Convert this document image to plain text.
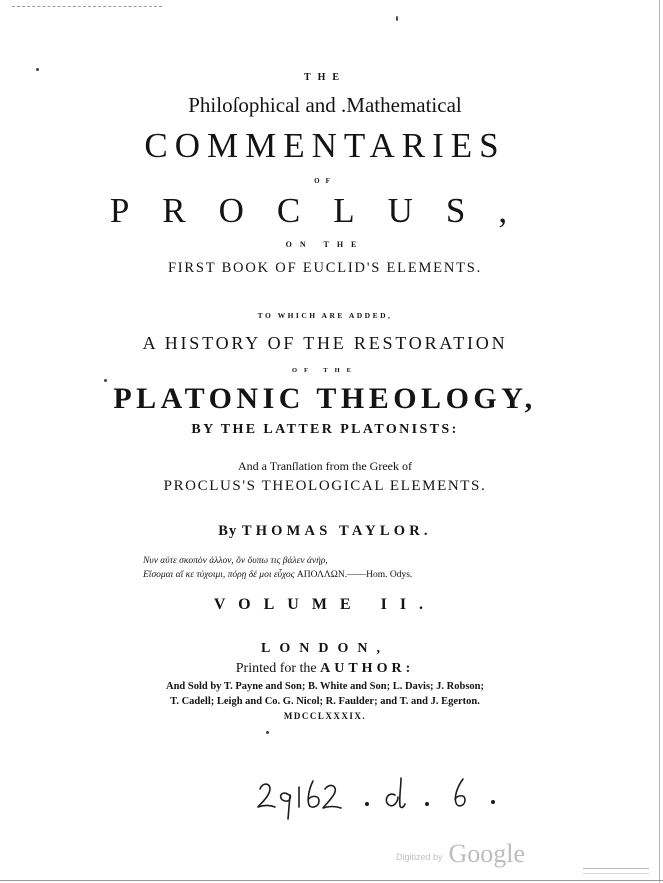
THE
Philoſophical and .Mathematical
COMMENTARIES
OF
PROCLUS,
ON THE
FIRST BOOK OF EUCLID'S ELEMENTS.
TO WHICH ARE ADDED,
A HISTORY OF THE RESTORATION
OF THE
PLATONIC THEOLOGY,
BY THE LATTER PLATONISTS:
And a Tranſlation from the Greek of
PROCLUS'S THEOLOGICAL ELEMENTS.
By THOMAS TAYLOR.
Νυν αὐτε σκοπὸν ἀλλον, ὃν ὄυπω τις βάλεν ἀνὴρ,
Εἴσομαι αἴ κε τύχοιμι, πόρῃ δέ μοι εὖχος ΑΠΟΛΛΩΝ.——Hom. Odys.
VOLUME II.
LONDON,
Printed for the AUTHOR:
And Sold by T. Payne and Son; B. White and Son; L. Davis; J. Robson;
T. Cadell; Leigh and Co. G. Nicol; R. Faulder; and T. and J. Egerton.
MDCCLXXXIX.
29162 . d . 6 .
Digitized by Google
